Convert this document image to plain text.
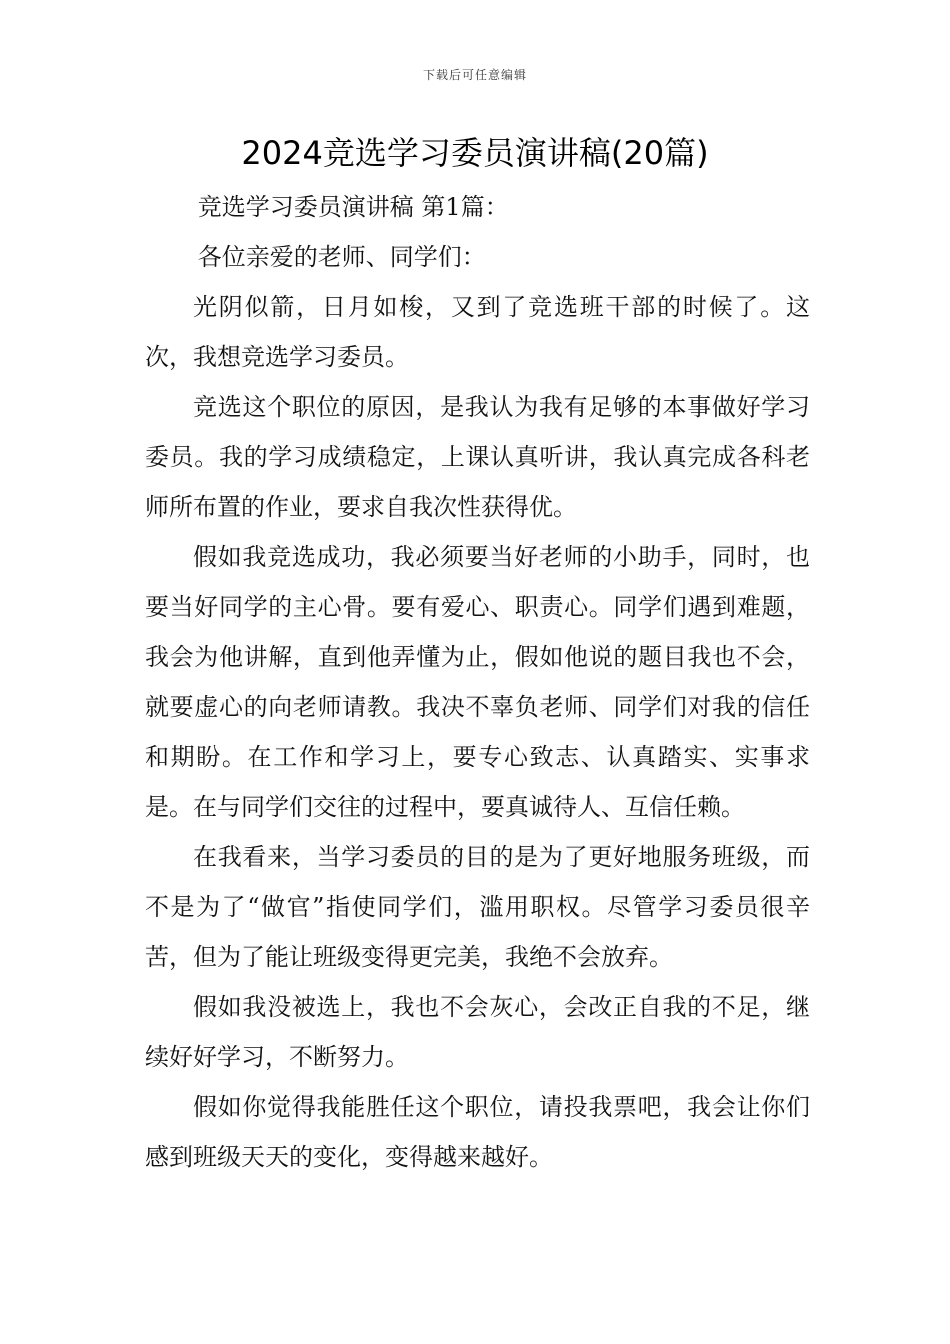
下载后可任意编辑
2024竞选学习委员演讲稿(20篇)

竞选学习委员演讲稿 第1篇：

各位亲爱的老师、同学们：

光阴似箭，日月如梭，又到了竞选班干部的时候了。这次，我想竞选学习委员。

竞选这个职位的原因，是我认为我有足够的本事做好学习委员。我的学习成绩稳定，上课认真听讲，我认真完成各科老师所布置的作业，要求自我次性获得优。

假如我竞选成功，我必须要当好老师的小助手，同时，也要当好同学的主心骨。要有爱心、职责心。同学们遇到难题，我会为他讲解，直到他弄懂为止，假如他说的题目我也不会，就要虚心的向老师请教。我决不辜负老师、同学们对我的信任和期盼。在工作和学习上，要专心致志、认真踏实、实事求是。在与同学们交往的过程中，要真诚待人、互信任赖。

在我看来，当学习委员的目的是为了更好地服务班级，而不是为了“做官”指使同学们，滥用职权。尽管学习委员很辛苦，但为了能让班级变得更完美，我绝不会放弃。

假如我没被选上，我也不会灰心，会改正自我的不足，继续好好学习，不断努力。

假如你觉得我能胜任这个职位，请投我票吧，我会让你们感到班级天天的变化，变得越来越好。
